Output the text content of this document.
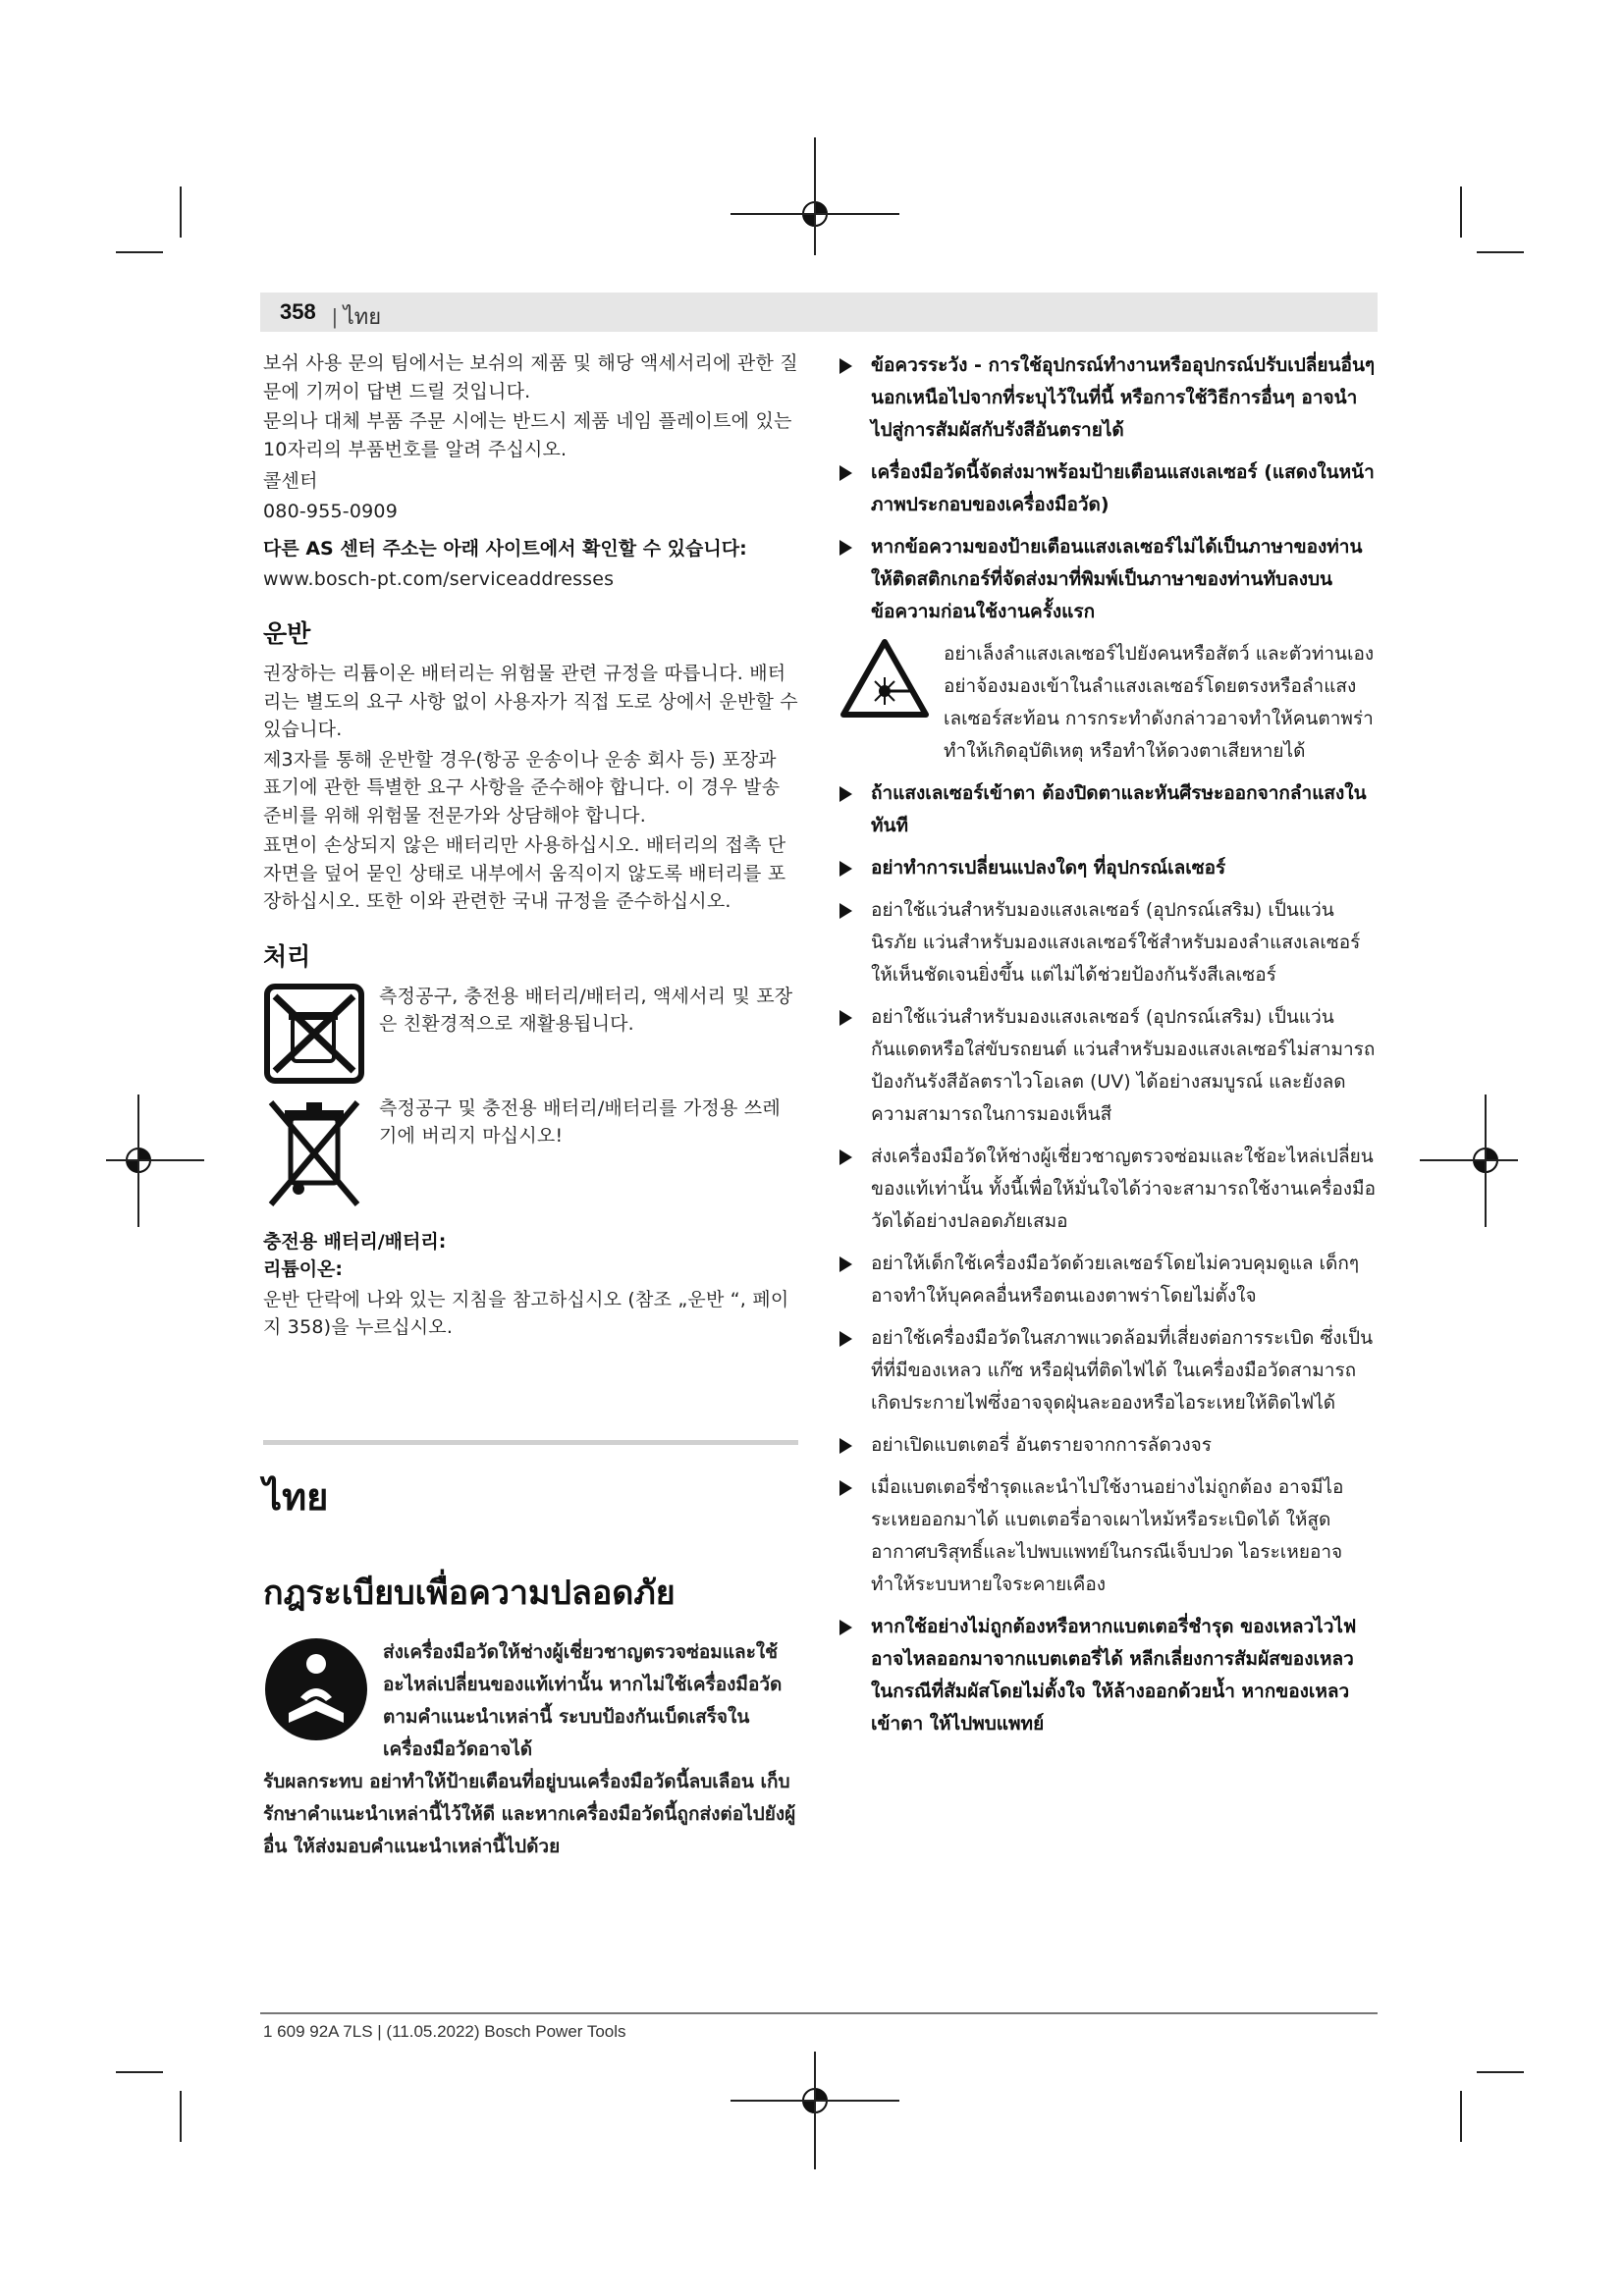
358
|	ไทย

보쉬 사용 문의 팀에서는 보쉬의 제품 및 해당 액세서리에 관한 질문에 기꺼이 답변 드릴 것입니다.

문의나 대체 부품 주문 시에는 반드시 제품 네임 플레이트에 있는 10자리의 부품번호를 알려 주십시오.

콜센터

080-955-0909

다른 AS 센터 주소는 아래 사이트에서 확인할 수 있습니다:

www.bosch-pt.com/serviceaddresses

운반

권장하는 리튬이온 배터리는 위험물 관련 규정을 따릅니다. 배터리는 별도의 요구 사항 없이 사용자가 직접 도로 상에서 운반할 수 있습니다.

제3자를 통해 운반할 경우(항공 운송이나 운송 회사 등) 포장과 표기에 관한 특별한 요구 사항을 준수해야 합니다. 이 경우 발송 준비를 위해 위험물 전문가와 상담해야 합니다.

표면이 손상되지 않은 배터리만 사용하십시오. 배터리의 접촉 단자면을 덮어 묻인 상태로 내부에서 움직이지 않도록 배터리를 포장하십시오. 또한 이와 관련한 국내 규정을 준수하십시오.

처리

측정공구, 충전용 배터리/배터리, 액세서리 및 포장은 친환경적으로 재활용됩니다.

측정공구 및 충전용 배터리/배터리를 가정용 쓰레기에 버리지 마십시오!

충전용 배터리/배터리:

리튬이온:

운반 단락에 나와 있는 지침을 참고하십시오 (참조 „운반 “, 페이지 358)을 누르십시오.

ไทย
กฎระเบียบเพื่อความปลอดภัย
ส่งเครื่องมือวัดให้ช่างผู้เชี่ยวชาญตรวจซ่อมและใช้อะไหล่เปลี่ยนของแท้เท่านั้น หากไม่ใช้เครื่องมือวัดตามคำแนะนำเหล่านี้ ระบบป้องกันเบ็ดเสร็จในเครื่องมือวัดอาจได้
รับผลกระทบ อย่าทำให้ป้ายเตือนที่อยู่บนเครื่องมือวัดนี้ลบเลือน เก็บรักษาคำแนะนำเหล่านี้ไว้ให้ดี และหากเครื่องมือวัดนี้ถูกส่งต่อไปยังผู้อื่น ให้ส่งมอบคำแนะนำเหล่านี้ไปด้วย
ข้อควรระวัง - การใช้อุปกรณ์ทำงานหรืออุปกรณ์ปรับเปลี่ยนอื่นๆ นอกเหนือไปจากที่ระบุไว้ในที่นี้ หรือการใช้วิธีการอื่นๆ อาจนำไปสู่การสัมผัสกับรังสีอันตรายได้
เครื่องมือวัดนี้จัดส่งมาพร้อมป้ายเตือนแสงเลเซอร์ (แสดงในหน้าภาพประกอบของเครื่องมือวัด)
หากข้อความของป้ายเตือนแสงเลเซอร์ไม่ได้เป็นภาษาของท่าน ให้ติดสติกเกอร์ที่จัดส่งมาที่พิมพ์เป็นภาษาของท่านทับลงบนข้อความก่อนใช้งานครั้งแรก
อย่าเล็งลำแสงเลเซอร์ไปยังคนหรือสัตว์ และตัวท่านเองอย่าจ้องมองเข้าในลำแสงเลเซอร์โดยตรงหรือลำแสงเลเซอร์สะท้อน การกระทำดังกล่าวอาจทำให้คนตาพร่า ทำให้เกิดอุบัติเหตุ หรือทำให้ดวงตาเสียหายได้
ถ้าแสงเลเซอร์เข้าตา ต้องปิดตาและหันศีรษะออกจากลำแสงในทันที
อย่าทำการเปลี่ยนแปลงใดๆ ที่อุปกรณ์เลเซอร์
อย่าใช้แว่นสำหรับมองแสงเลเซอร์ (อุปกรณ์เสริม) เป็นแว่นนิรภัย แว่นสำหรับมองแสงเลเซอร์ใช้สำหรับมองลำแสงเลเซอร์ให้เห็นชัดเจนยิ่งขึ้น แต่ไม่ได้ช่วยป้องกันรังสีเลเซอร์
อย่าใช้แว่นสำหรับมองแสงเลเซอร์ (อุปกรณ์เสริม) เป็นแว่นกันแดดหรือใส่ขับรถยนต์ แว่นสำหรับมองแสงเลเซอร์ไม่สามารถป้องกันรังสีอัลตราไวโอเลต (UV) ได้อย่างสมบูรณ์ และยังลดความสามารถในการมองเห็นสี
ส่งเครื่องมือวัดให้ช่างผู้เชี่ยวชาญตรวจซ่อมและใช้อะไหล่เปลี่ยนของแท้เท่านั้น ทั้งนี้เพื่อให้มั่นใจได้ว่าจะสามารถใช้งานเครื่องมือวัดได้อย่างปลอดภัยเสมอ
อย่าให้เด็กใช้เครื่องมือวัดด้วยเลเซอร์โดยไม่ควบคุมดูแล เด็กๆ อาจทำให้บุคคลอื่นหรือตนเองตาพร่าโดยไม่ตั้งใจ
อย่าใช้เครื่องมือวัดในสภาพแวดล้อมที่เสี่ยงต่อการระเบิด ซึ่งเป็นที่ที่มีของเหลว แก๊ซ หรือฝุ่นที่ติดไฟได้ ในเครื่องมือวัดสามารถเกิดประกายไฟซึ่งอาจจุดฝุ่นละอองหรือไอระเหยให้ติดไฟได้
อย่าเปิดแบตเตอรี่ อันตรายจากการลัดวงจร
เมื่อแบตเตอรี่ชำรุดและนำไปใช้งานอย่างไม่ถูกต้อง อาจมีไอระเหยออกมาได้ แบตเตอรี่อาจเผาไหม้หรือระเบิดได้ ให้สูดอากาศบริสุทธิ์และไปพบแพทย์ในกรณีเจ็บปวด ไอระเหยอาจทำให้ระบบหายใจระคายเคือง
หากใช้อย่างไม่ถูกต้องหรือหากแบตเตอรี่ชำรุด ของเหลวไวไฟอาจไหลออกมาจากแบตเตอรี่ได้ หลีกเลี่ยงการสัมผัสของเหลว ในกรณีที่สัมผัสโดยไม่ตั้งใจ ให้ล้างออกด้วยน้ำ หากของเหลวเข้าตา ให้ไปพบแพทย์
1 609 92A 7LS | (11.05.2022) Bosch Power Tools
